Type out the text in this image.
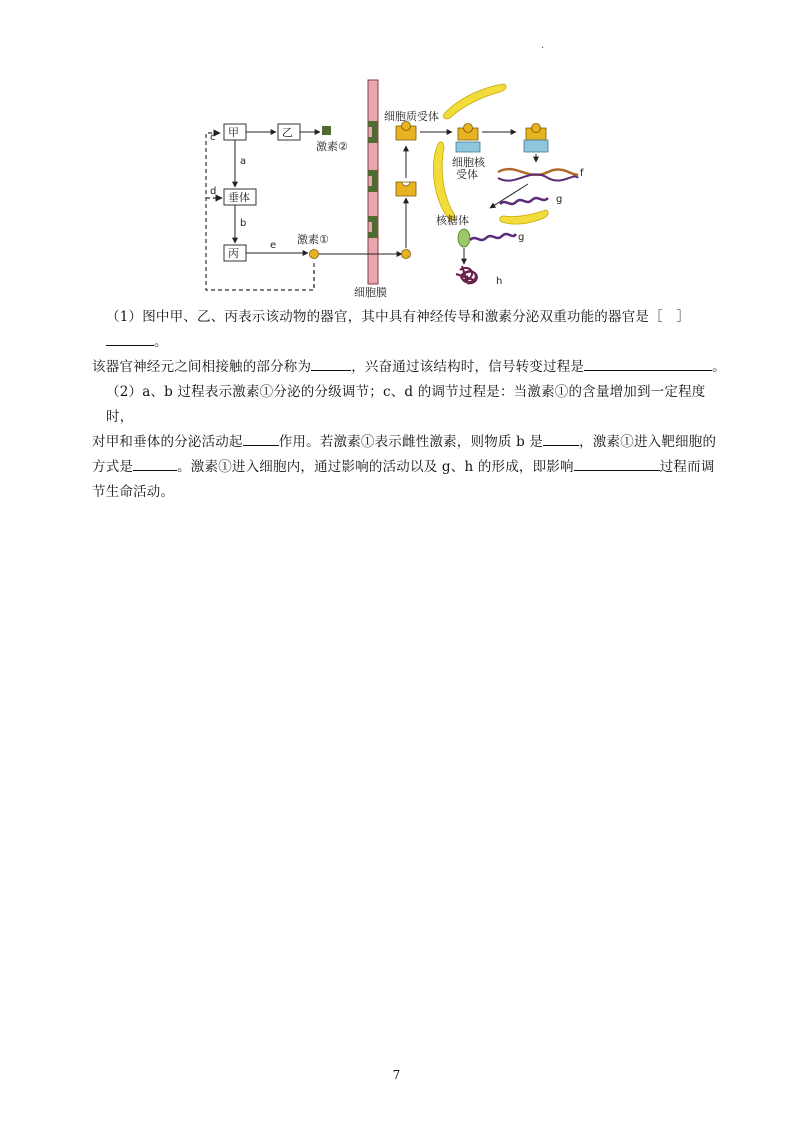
.
甲	乙
垂体
丙
激素②
a
b
c
d
e 激素①
细胞膜
细胞质受体
细胞核
受体	f
g
核糖体
g
h

（1）图中甲、乙、丙表示该动物的器官，其中具有神经传导和激素分泌双重功能的器官是［　］。

该器官神经元之间相接触的部分称为	，兴奋通过该结构时，信号转变过程是	。

（2）a、b 过程表示激素①分泌的分级调节；c、d 的调节过程是：当激素①的含量增加到一定程度时，

对甲和垂体的分泌活动起	作用。若激素①表示雌性激素，则物质 b 是	，激素①进入靶细胞的

方式是	。激素①进入细胞内，通过影响的活动以及 g、h 的形成，即影响	过程而调

节生命活动。

7
